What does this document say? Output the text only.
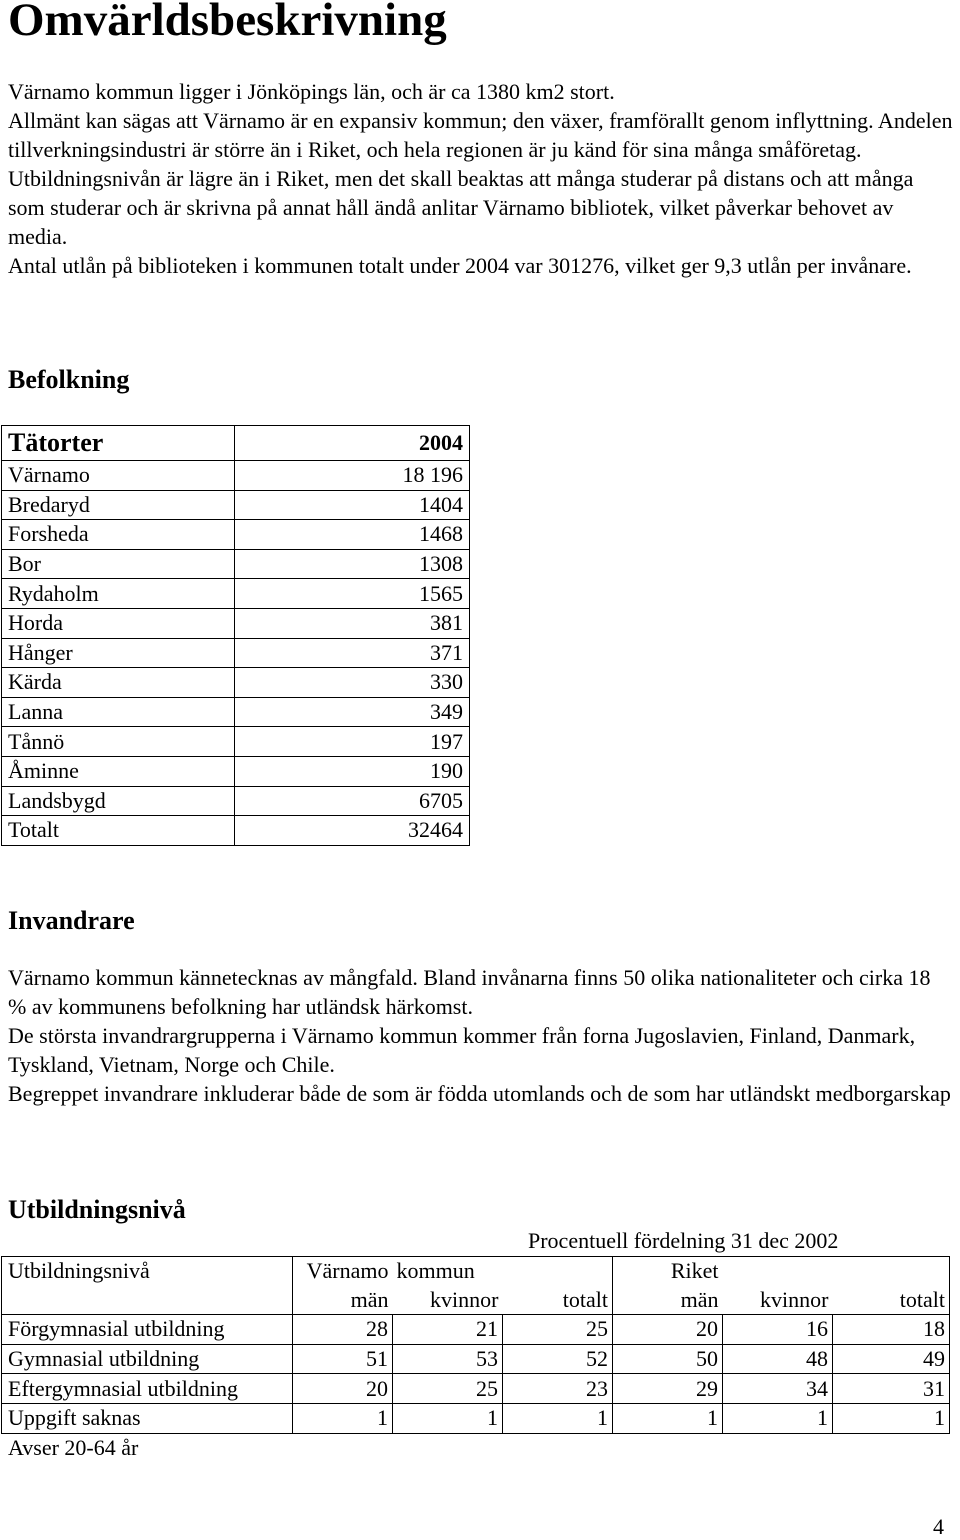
Omvärldsbeskrivning

Värnamo kommun ligger i Jönköpings län, och är ca 1380 km2 stort.

Allmänt kan sägas att Värnamo är en expansiv kommun; den växer, framförallt genom inflyttning. Andelen tillverkningsindustri är större än i Riket, och hela regionen är ju känd för sina många småföretag. Utbildningsnivån är lägre än i Riket, men det skall beaktas att många studerar på distans och att många som studerar och är skrivna på annat håll ändå anlitar Värnamo bibliotek, vilket påverkar behovet av media.

Antal utlån på biblioteken i kommunen totalt under 2004 var 301276, vilket ger 9,3 utlån per invånare.

Befolkning
Tätorter	2004
Värnamo	18 196
Bredaryd	1404
Forsheda	1468
Bor	1308
Rydaholm	1565
Horda	381
Hånger	371
Kärda	330
Lanna	349
Tånnö	197
Åminne	190
Landsbygd	6705
Totalt	32464
Invandrare

Värnamo kommun kännetecknas av mångfald. Bland invånarna finns 50 olika nationaliteter och cirka 18 % av kommunens befolkning har utländsk härkomst.

De största invandrargrupperna i Värnamo kommun kommer från forna Jugoslavien, Finland, Danmark, Tyskland, Vietnam, Norge och Chile.

Begreppet invandrare inkluderar både de som är födda utomlands och de som har utländskt medborgarskap

Utbildningsnivå
Procentuell fördelning 31 dec 2002
Utbildningsnivå	Värnamo	kommun		Riket		
	män	kvinnor	totalt	män	kvinnor	totalt
Förgymnasial utbildning	28	21	25	20	16	18
Gymnasial utbildning	51	53	52	50	48	49
Eftergymnasial utbildning	20	25	23	29	34	31
Uppgift saknas	1	1	1	1	1	1
Avser 20-64 år
4
